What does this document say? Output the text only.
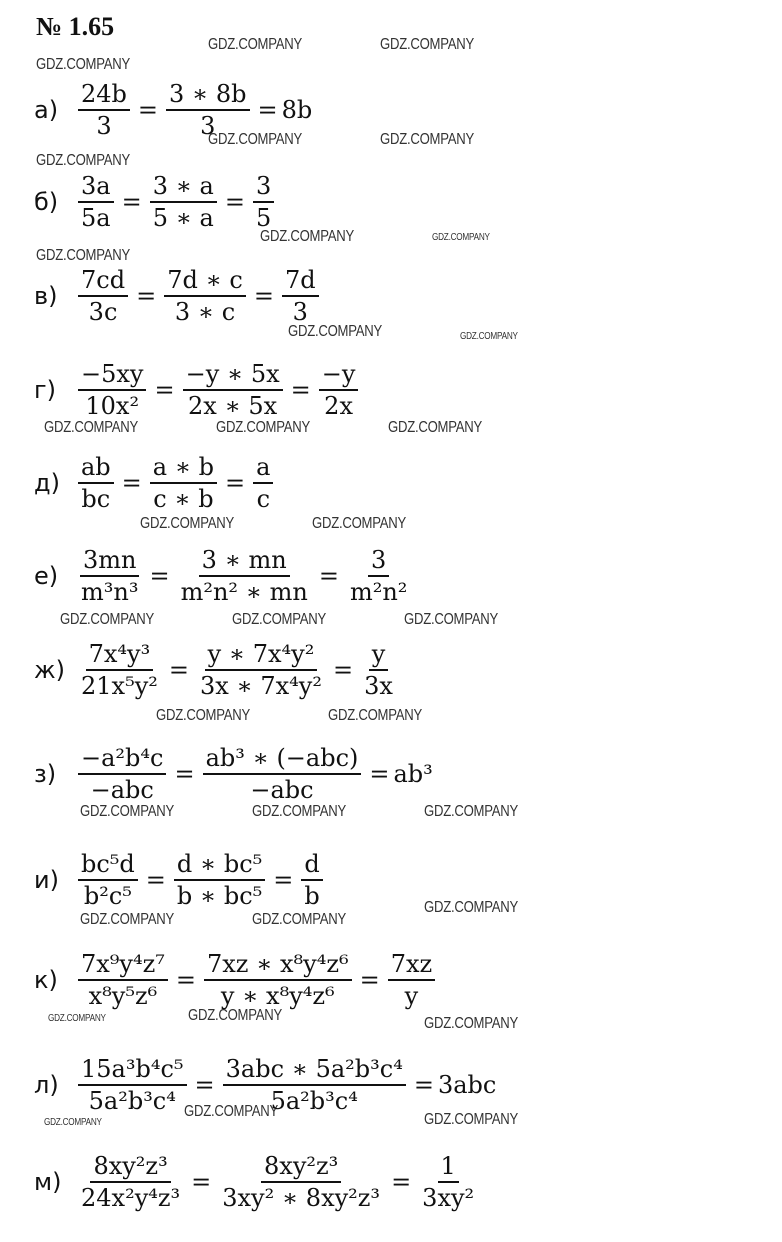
№ 1.65
GDZ.COMPANY	GDZ.COMPANY
GDZ.COMPANY
GDZ.COMPANY	GDZ.COMPANY
GDZ.COMPANY
GDZ.COMPANY	GDZ.COMPANY
GDZ.COMPANY
GDZ.COMPANY	GDZ.COMPANY
GDZ.COMPANY	GDZ.COMPANY	GDZ.COMPANY
GDZ.COMPANY	GDZ.COMPANY
GDZ.COMPANY	GDZ.COMPANY	GDZ.COMPANY
GDZ.COMPANY	GDZ.COMPANY
GDZ.COMPANY	GDZ.COMPANY	GDZ.COMPANY
GDZ.COMPANY	GDZ.COMPANY
GDZ.COMPANY
GDZ.COMPANY	GDZ.COMPANY	GDZ.COMPANY
GDZ.COMPANY
GDZ.COMPANY	GDZ.COMPANY
$а) \frac{24b}{3} = \frac{3 ∗ 8b}{3} = 8b$
$б) \frac{3a}{5a} = \frac{3 ∗ a}{5 ∗ a} = \frac{3}{5}$
$в) \frac{7cd}{3c} = \frac{7d ∗ c}{3 ∗ c} = \frac{7d}{3}$
$г) \frac{-5xy}{\text{10x²}} = \frac{-y ∗ 5x}{2x ∗ 5x} = \frac{-y}{2x}$
$д) \frac{ab}{bc} = \frac{a ∗ b}{c ∗ b} = \frac{a}{c}$
$е) \frac{3mn}{\text{m³n³}} = \frac{3 ∗ mn}{\text{m²n² ∗ mn}} = \frac{3}{\text{m²n²}}$
$ж) \frac{\text{7x⁴y³}}{\text{21x⁵y²}} = \frac{\text{y ∗ 7x⁴y²}}{\text{3x ∗ 7x⁴y²}} = \frac{y}{3x}$
$з) \frac{\text{−a²b⁴c}}{\text{−abc}} = \frac{\text{ab³ ∗ (−abc)}}{\text{−abc}} = ab^3$
$и) \frac{\text{bc⁵d}}{\text{b²c⁵}} = \frac{\text{d ∗ bc⁵}}{\text{b ∗ bc⁵}} = \frac{d}{b}$
$к) \frac{\text{7x⁹y⁴z⁷}}{\text{x⁸y⁵z⁶}} = \frac{\text{7xz ∗ x⁸y⁴z⁶}}{\text{y ∗ x⁸y⁴z⁶}} = \frac{7xz}{y}$
$л) \frac{\text{15a³b⁴c⁵}}{\text{5a²b³c⁴}} = \frac{\text{3abc ∗ 5a²b³c⁴}}{\text{5a²b³c⁴}} = 3abc$
$м) \frac{\text{8xy²z³}}{\text{24x²y⁴z³}} = \frac{\text{8xy²z³}}{\text{3xy² ∗ 8xy²z³}} = \frac{1}{\text{3xy²}}$
